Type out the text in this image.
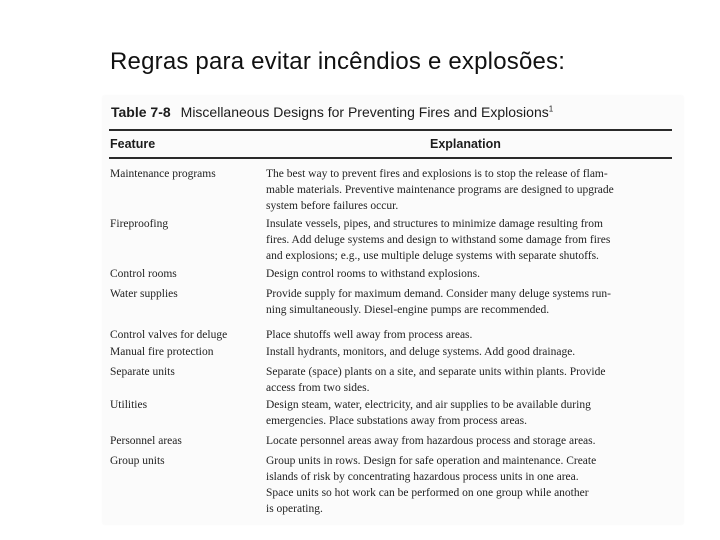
Regras para evitar incêndios e explosões:
Table 7-8 Miscellaneous Designs for Preventing Fires and Explosions$^1$
Feature	Explanation
Maintenance programs	The best way to prevent fires and explosions is to stop the release of flam-
mable materials. Preventive maintenance programs are designed to upgrade
system before failures occur.
Fireproofing	Insulate vessels, pipes, and structures to minimize damage resulting from
fires. Add deluge systems and design to withstand some damage from fires
and explosions; e.g., use multiple deluge systems with separate shutoffs.
Control rooms	Design control rooms to withstand explosions.
Water supplies	Provide supply for maximum demand. Consider many deluge systems run-
ning simultaneously. Diesel-engine pumps are recommended.
Control valves for deluge	Place shutoffs well away from process areas.
Manual fire protection	Install hydrants, monitors, and deluge systems. Add good drainage.
Separate units	Separate (space) plants on a site, and separate units within plants. Provide
access from two sides.
Utilities	Design steam, water, electricity, and air supplies to be available during
emergencies. Place substations away from process areas.
Personnel areas	Locate personnel areas away from hazardous process and storage areas.
Group units	Group units in rows. Design for safe operation and maintenance. Create
islands of risk by concentrating hazardous process units in one area.
Space units so hot work can be performed on one group while another
is operating.
